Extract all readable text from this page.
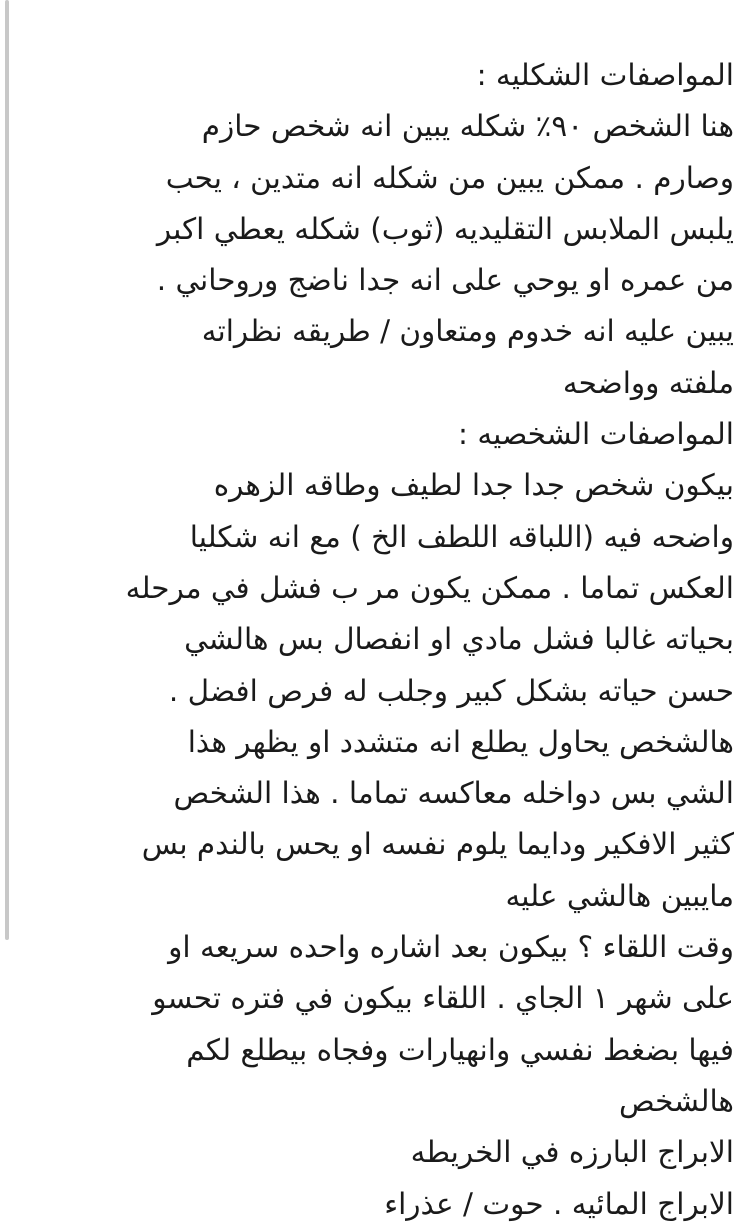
المواصفات الشكليه :
هنا الشخص ٩٠٪ شكله يبين انه شخص حازم
وصارم . ممكن يبين من شكله انه متدين ، يحب
يلبس الملابس التقليديه (ثوب) شكله يعطي اكبر
من عمره او يوحي على انه جدا ناضج وروحاني .
يبين عليه انه خدوم ومتعاون / طريقه نظراته
ملفته وواضحه
المواصفات الشخصيه :
بيكون شخص جدا جدا لطيف وطاقه الزهره
واضحه فيه (اللباقه اللطف الخ ) مع انه شكليا
العكس تماما . ممكن يكون مر ب فشل في مرحله
بحياته غالبا فشل مادي او انفصال بس هالشي
حسن حياته بشكل كبير وجلب له فرص افضل .
هالشخص يحاول يطلع انه متشدد او يظهر هذا
الشي بس دواخله معاكسه تماما . هذا الشخص
كثير الافكير ودايما يلوم نفسه او يحس بالندم بس
مايبين هالشي عليه
وقت اللقاء ؟ بيكون بعد اشاره واحده سريعه او
على شهر ١ الجاي . اللقاء بيكون في فتره تحسو
فيها بضغط نفسي وانهيارات وفجاه بيطلع لكم
هالشخص
الابراج البارزه في الخريطه
الابراج المائيه . حوت / عذراء
